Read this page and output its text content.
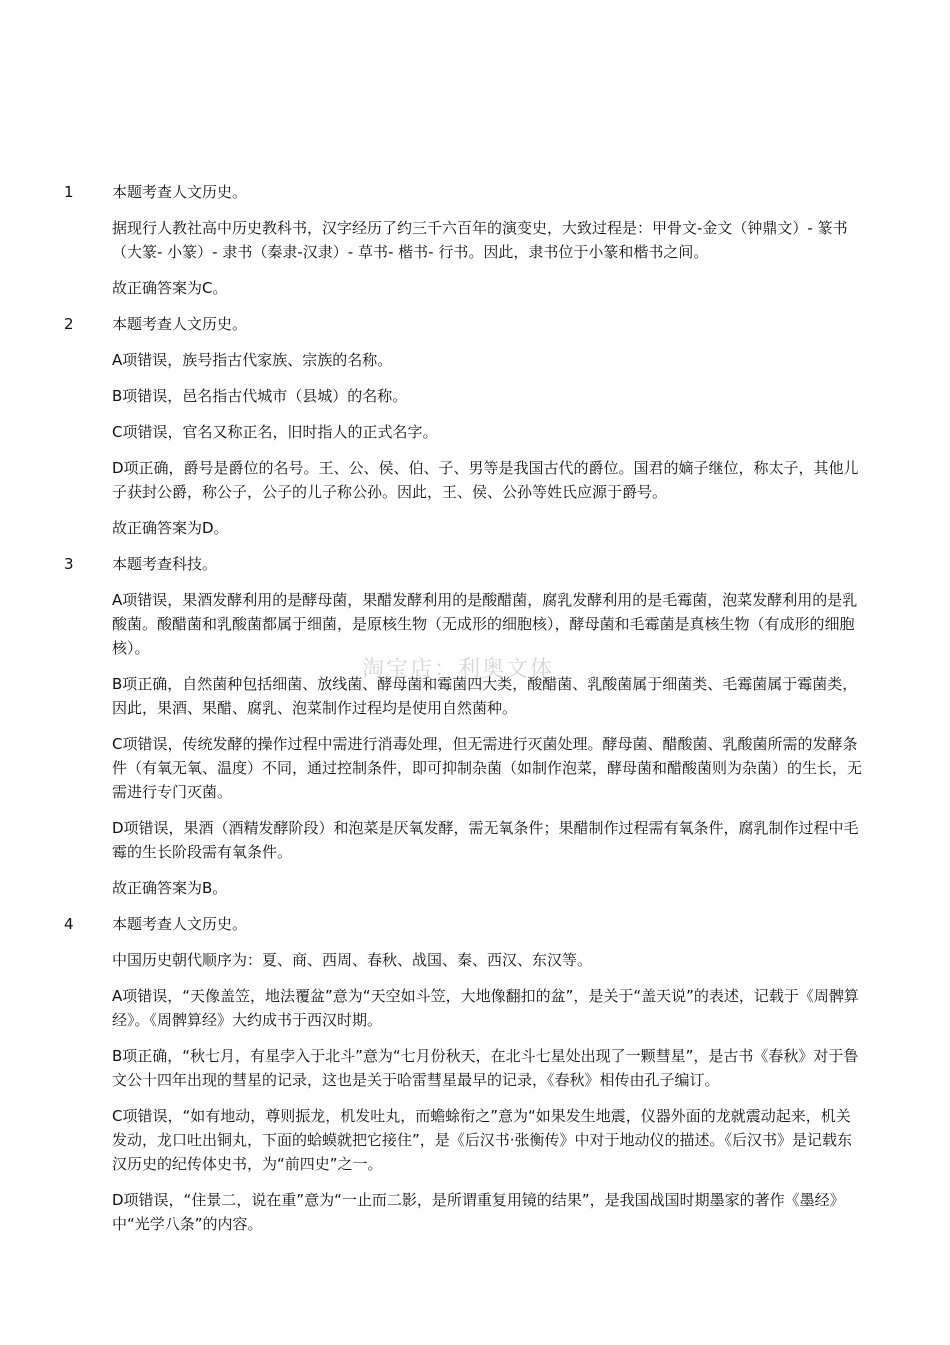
1	本题考查人文历史。
据现行人教社高中历史教科书，汉字经历了约三千六百年的演变史，大致过程是：甲骨文-金文（钟鼎文）- 篆书（大篆- 小篆）- 隶书（秦隶-汉隶）- 草书- 楷书- 行书。因此，隶书位于小篆和楷书之间。
故正确答案为C。
2	本题考查人文历史。
A项错误，族号指古代家族、宗族的名称。
B项错误，邑名指古代城市（县城）的名称。
C项错误，官名又称正名，旧时指人的正式名字。
D项正确，爵号是爵位的名号。王、公、侯、伯、子、男等是我国古代的爵位。国君的嫡子继位，称太子，其他儿子获封公爵，称公子，公子的儿子称公孙。因此，王、侯、公孙等姓氏应源于爵号。
故正确答案为D。
3	本题考查科技。
A项错误，果酒发酵利用的是酵母菌，果醋发酵利用的是酸醋菌，腐乳发酵利用的是毛霉菌，泡菜发酵利用的是乳酸菌。酸醋菌和乳酸菌都属于细菌，是原核生物（无成形的细胞核），酵母菌和毛霉菌是真核生物（有成形的细胞核）。
B项正确，自然菌种包括细菌、放线菌、酵母菌和霉菌四大类，酸醋菌、乳酸菌属于细菌类、毛霉菌属于霉菌类，因此，果酒、果醋、腐乳、泡菜制作过程均是使用自然菌种。
C项错误，传统发酵的操作过程中需进行消毒处理，但无需进行灭菌处理。酵母菌、醋酸菌、乳酸菌所需的发酵条件（有氧无氧、温度）不同，通过控制条件，即可抑制杂菌（如制作泡菜，酵母菌和醋酸菌则为杂菌）的生长，无需进行专门灭菌。
D项错误，果酒（酒精发酵阶段）和泡菜是厌氧发酵，需无氧条件；果醋制作过程需有氧条件，腐乳制作过程中毛霉的生长阶段需有氧条件。
故正确答案为B。
4	本题考查人文历史。
中国历史朝代顺序为：夏、商、西周、春秋、战国、秦、西汉、东汉等。
A项错误，“天像盖笠，地法覆盆”意为“天空如斗笠，大地像翻扣的盆”，是关于“盖天说”的表述，记载于《周髀算经》。《周髀算经》大约成书于西汉时期。
B项正确，“秋七月，有星孛入于北斗”意为“七月份秋天，在北斗七星处出现了一颗彗星”，是古书《春秋》对于鲁文公十四年出现的彗星的记录，这也是关于哈雷彗星最早的记录，《春秋》相传由孔子编订。
C项错误，“如有地动，尊则振龙，机发吐丸，而蟾蜍衔之”意为“如果发生地震，仪器外面的龙就震动起来，机关发动，龙口吐出铜丸，下面的蛤蟆就把它接住”，是《后汉书·张衡传》中对于地动仪的描述。《后汉书》是记载东汉历史的纪传体史书，为“前四史”之一。
D项错误，“住景二，说在重”意为“一止而二影，是所谓重复用镜的结果”，是我国战国时期墨家的著作《墨经》中“光学八条”的内容。
淘宝店：利奥文体
